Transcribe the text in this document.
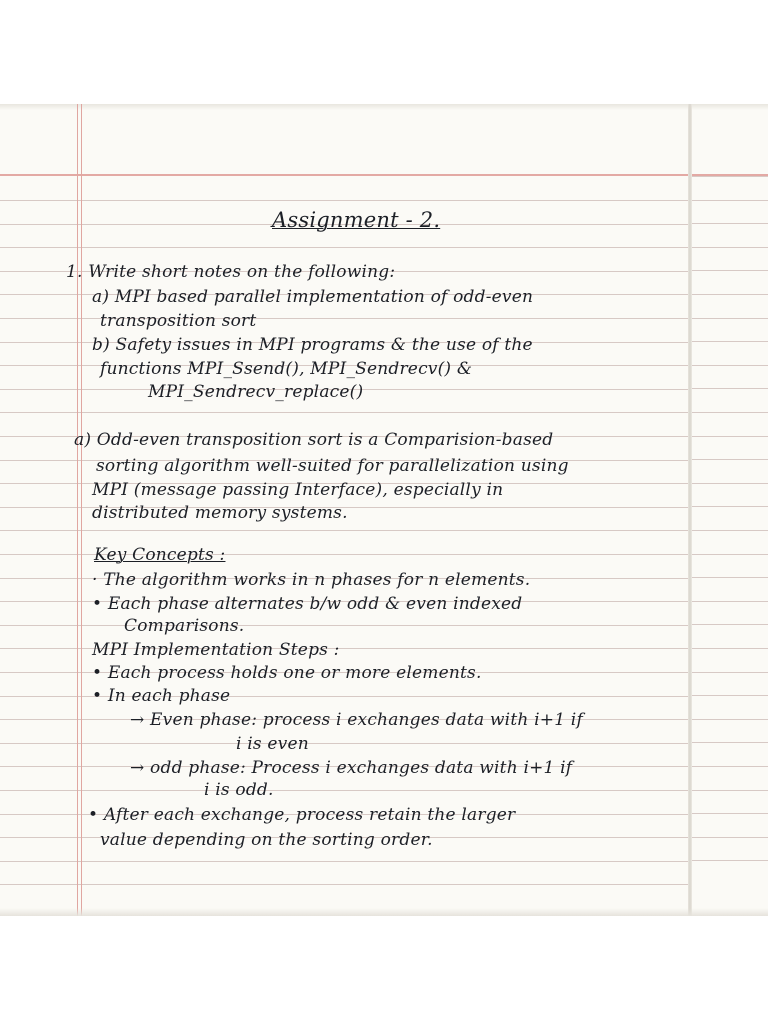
Assignment - 2.
1. Write short notes on the following:
a) MPI based parallel implementation of odd-even
transposition sort
b) Safety issues in MPI programs & the use of the
functions MPI_Ssend(), MPI_Sendrecv() &
MPI_Sendrecv_replace()
a) Odd-even transposition sort is a Comparision-based
sorting algorithm well-suited for parallelization using
MPI (message passing Interface), especially in
distributed memory systems.
Key Concepts :
· The algorithm works in n phases for n elements.
• Each phase alternates b/w odd & even indexed
Comparisons.
MPI Implementation Steps :
• Each process holds one or more elements.
• In each phase
→ Even phase: process i exchanges data with i+1 if
i is even
→ odd phase: Process i exchanges data with i+1 if
i is odd.
• After each exchange, process retain the larger
value depending on the sorting order.
